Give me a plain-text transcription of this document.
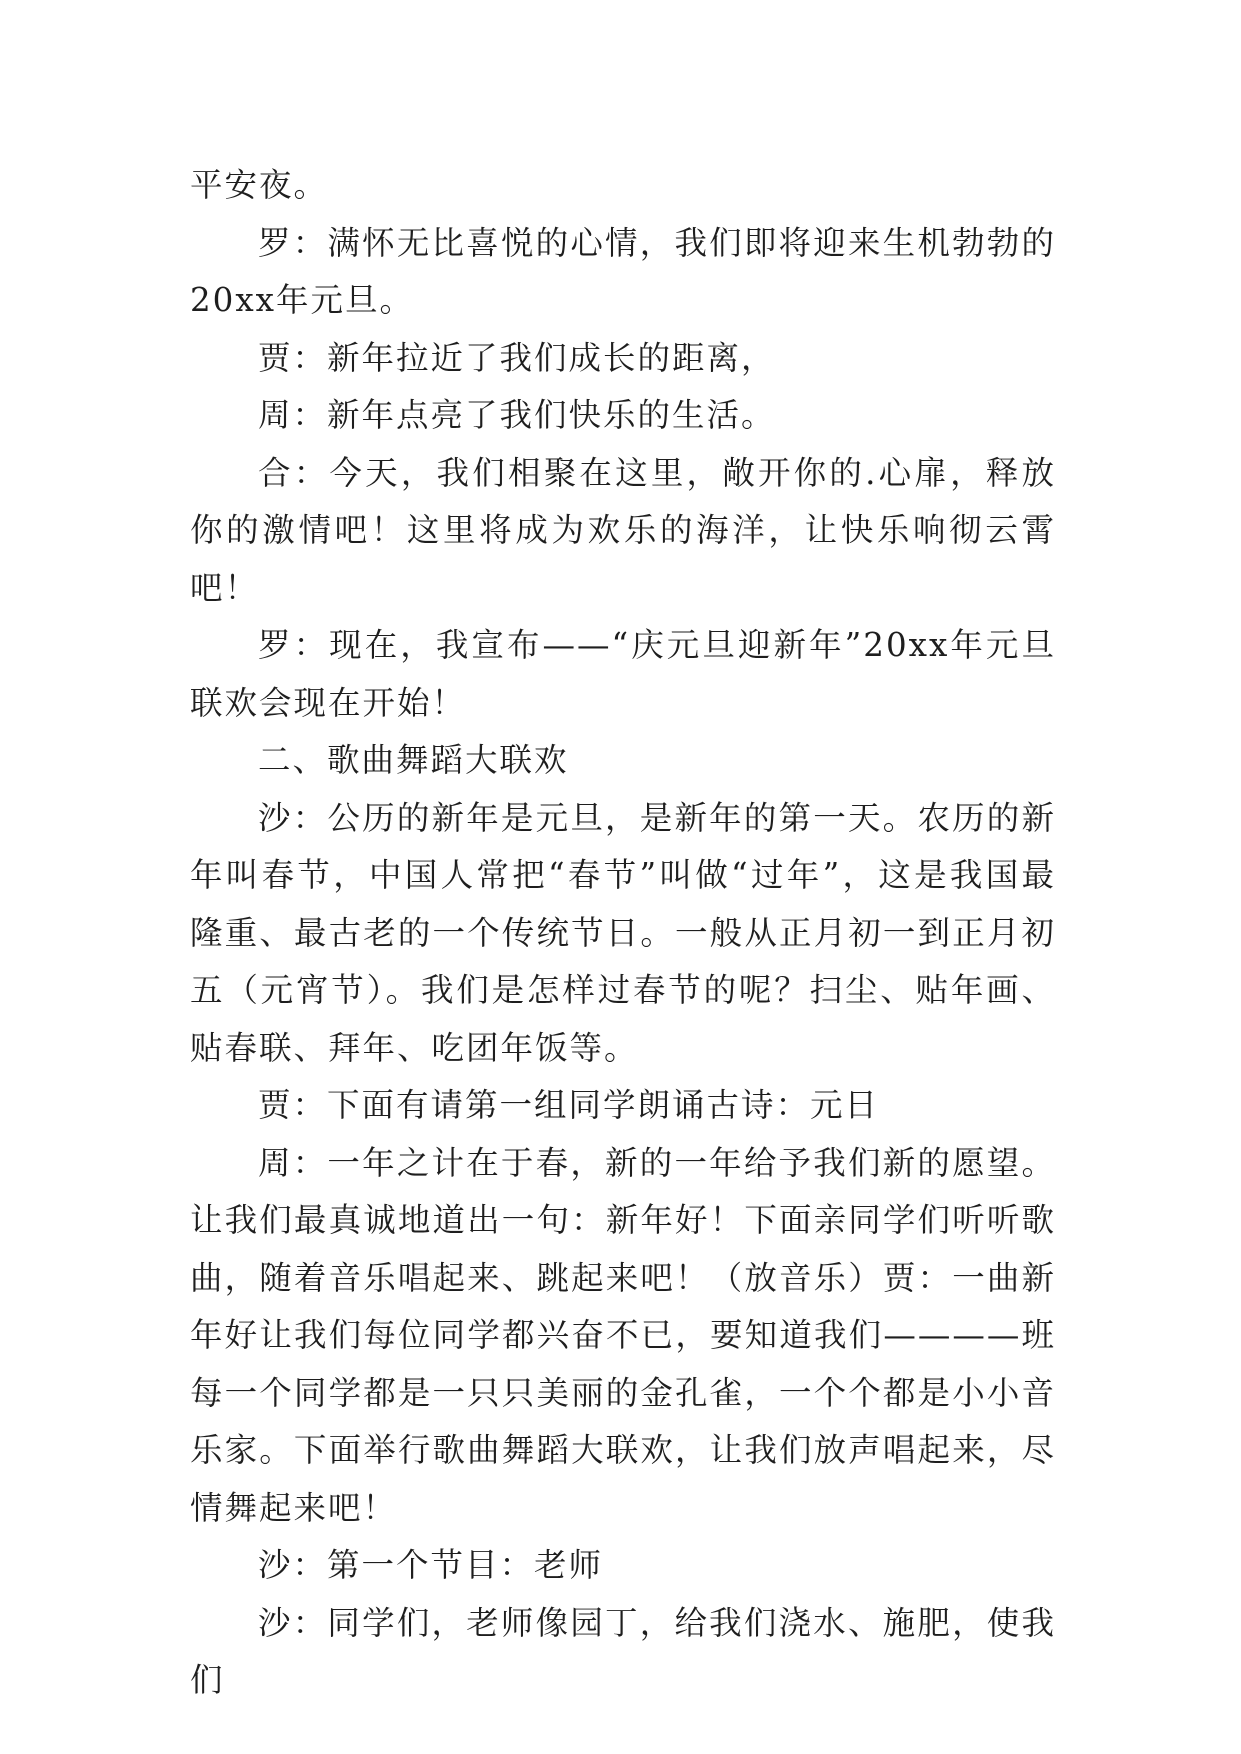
平安夜。

罗：满怀无比喜悦的心情，我们即将迎来生机勃勃的20xx年元旦。

贾：新年拉近了我们成长的距离，

周：新年点亮了我们快乐的生活。

合：今天，我们相聚在这里，敞开你的.心扉，释放你的激情吧！这里将成为欢乐的海洋，让快乐响彻云霄吧！

罗：现在，我宣布——“庆元旦迎新年”20xx年元旦联欢会现在开始！

二、歌曲舞蹈大联欢

沙：公历的新年是元旦，是新年的第一天。农历的新年叫春节，中国人常把“春节”叫做“过年”，这是我国最隆重、最古老的一个传统节日。一般从正月初一到正月初五（元宵节）。我们是怎样过春节的呢？扫尘、贴年画、贴春联、拜年、吃团年饭等。

贾：下面有请第一组同学朗诵古诗：元日

周：一年之计在于春，新的一年给予我们新的愿望。让我们最真诚地道出一句：新年好！下面亲同学们听听歌曲，随着音乐唱起来、跳起来吧！（放音乐）贾：一曲新年好让我们每位同学都兴奋不已，要知道我们————班每一个同学都是一只只美丽的金孔雀，一个个都是小小音乐家。下面举行歌曲舞蹈大联欢，让我们放声唱起来，尽情舞起来吧！

沙：第一个节目：老师

沙：同学们，老师像园丁，给我们浇水、施肥，使我们
